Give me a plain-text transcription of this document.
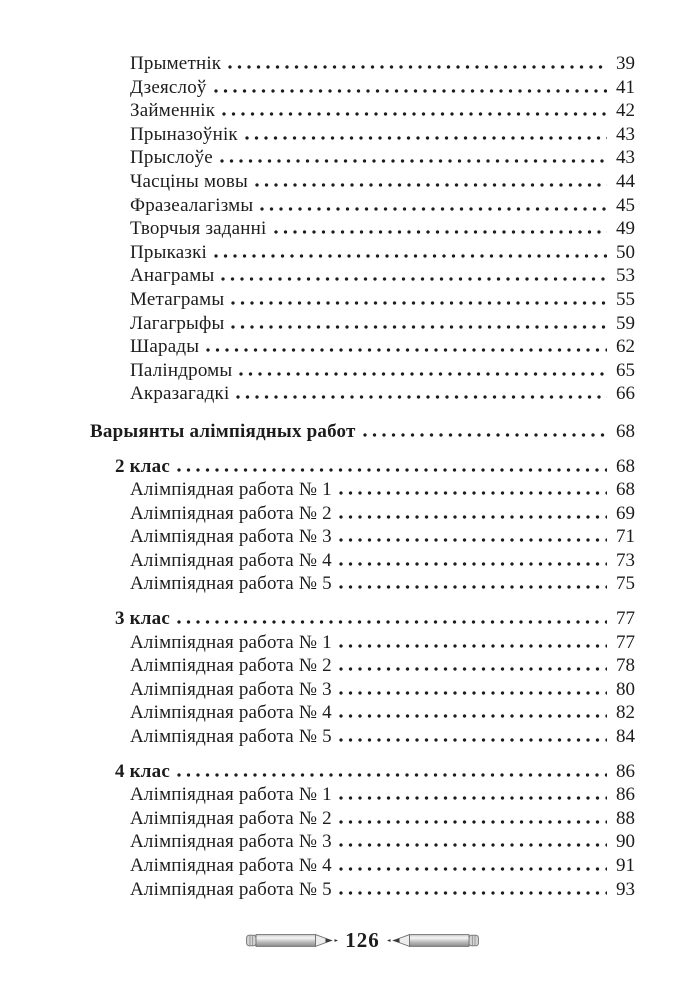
Прыметнік	39
Дзеяслоў	41
Займеннік	42
Прыназоўнік	43
Прыслоўе	43
Часціны мовы	44
Фразеалагізмы	45
Творчыя заданні	49
Прыказкі	50
Анаграмы	53
Метаграмы	55
Лагагрыфы	59
Шарады	62
Паліндромы	65
Акразагадкі	66
Варыянты алімпіядных работ	68
2 клас	68
Алімпіядная работа № 1	68
Алімпіядная работа № 2	69
Алімпіядная работа № 3	71
Алімпіядная работа № 4	73
Алімпіядная работа № 5	75
3 клас	77
Алімпіядная работа № 1	77
Алімпіядная работа № 2	78
Алімпіядная работа № 3	80
Алімпіядная работа № 4	82
Алімпіядная работа № 5	84
4 клас	86
Алімпіядная работа № 1	86
Алімпіядная работа № 2	88
Алімпіядная работа № 3	90
Алімпіядная работа № 4	91
Алімпіядная работа № 5	93
126
